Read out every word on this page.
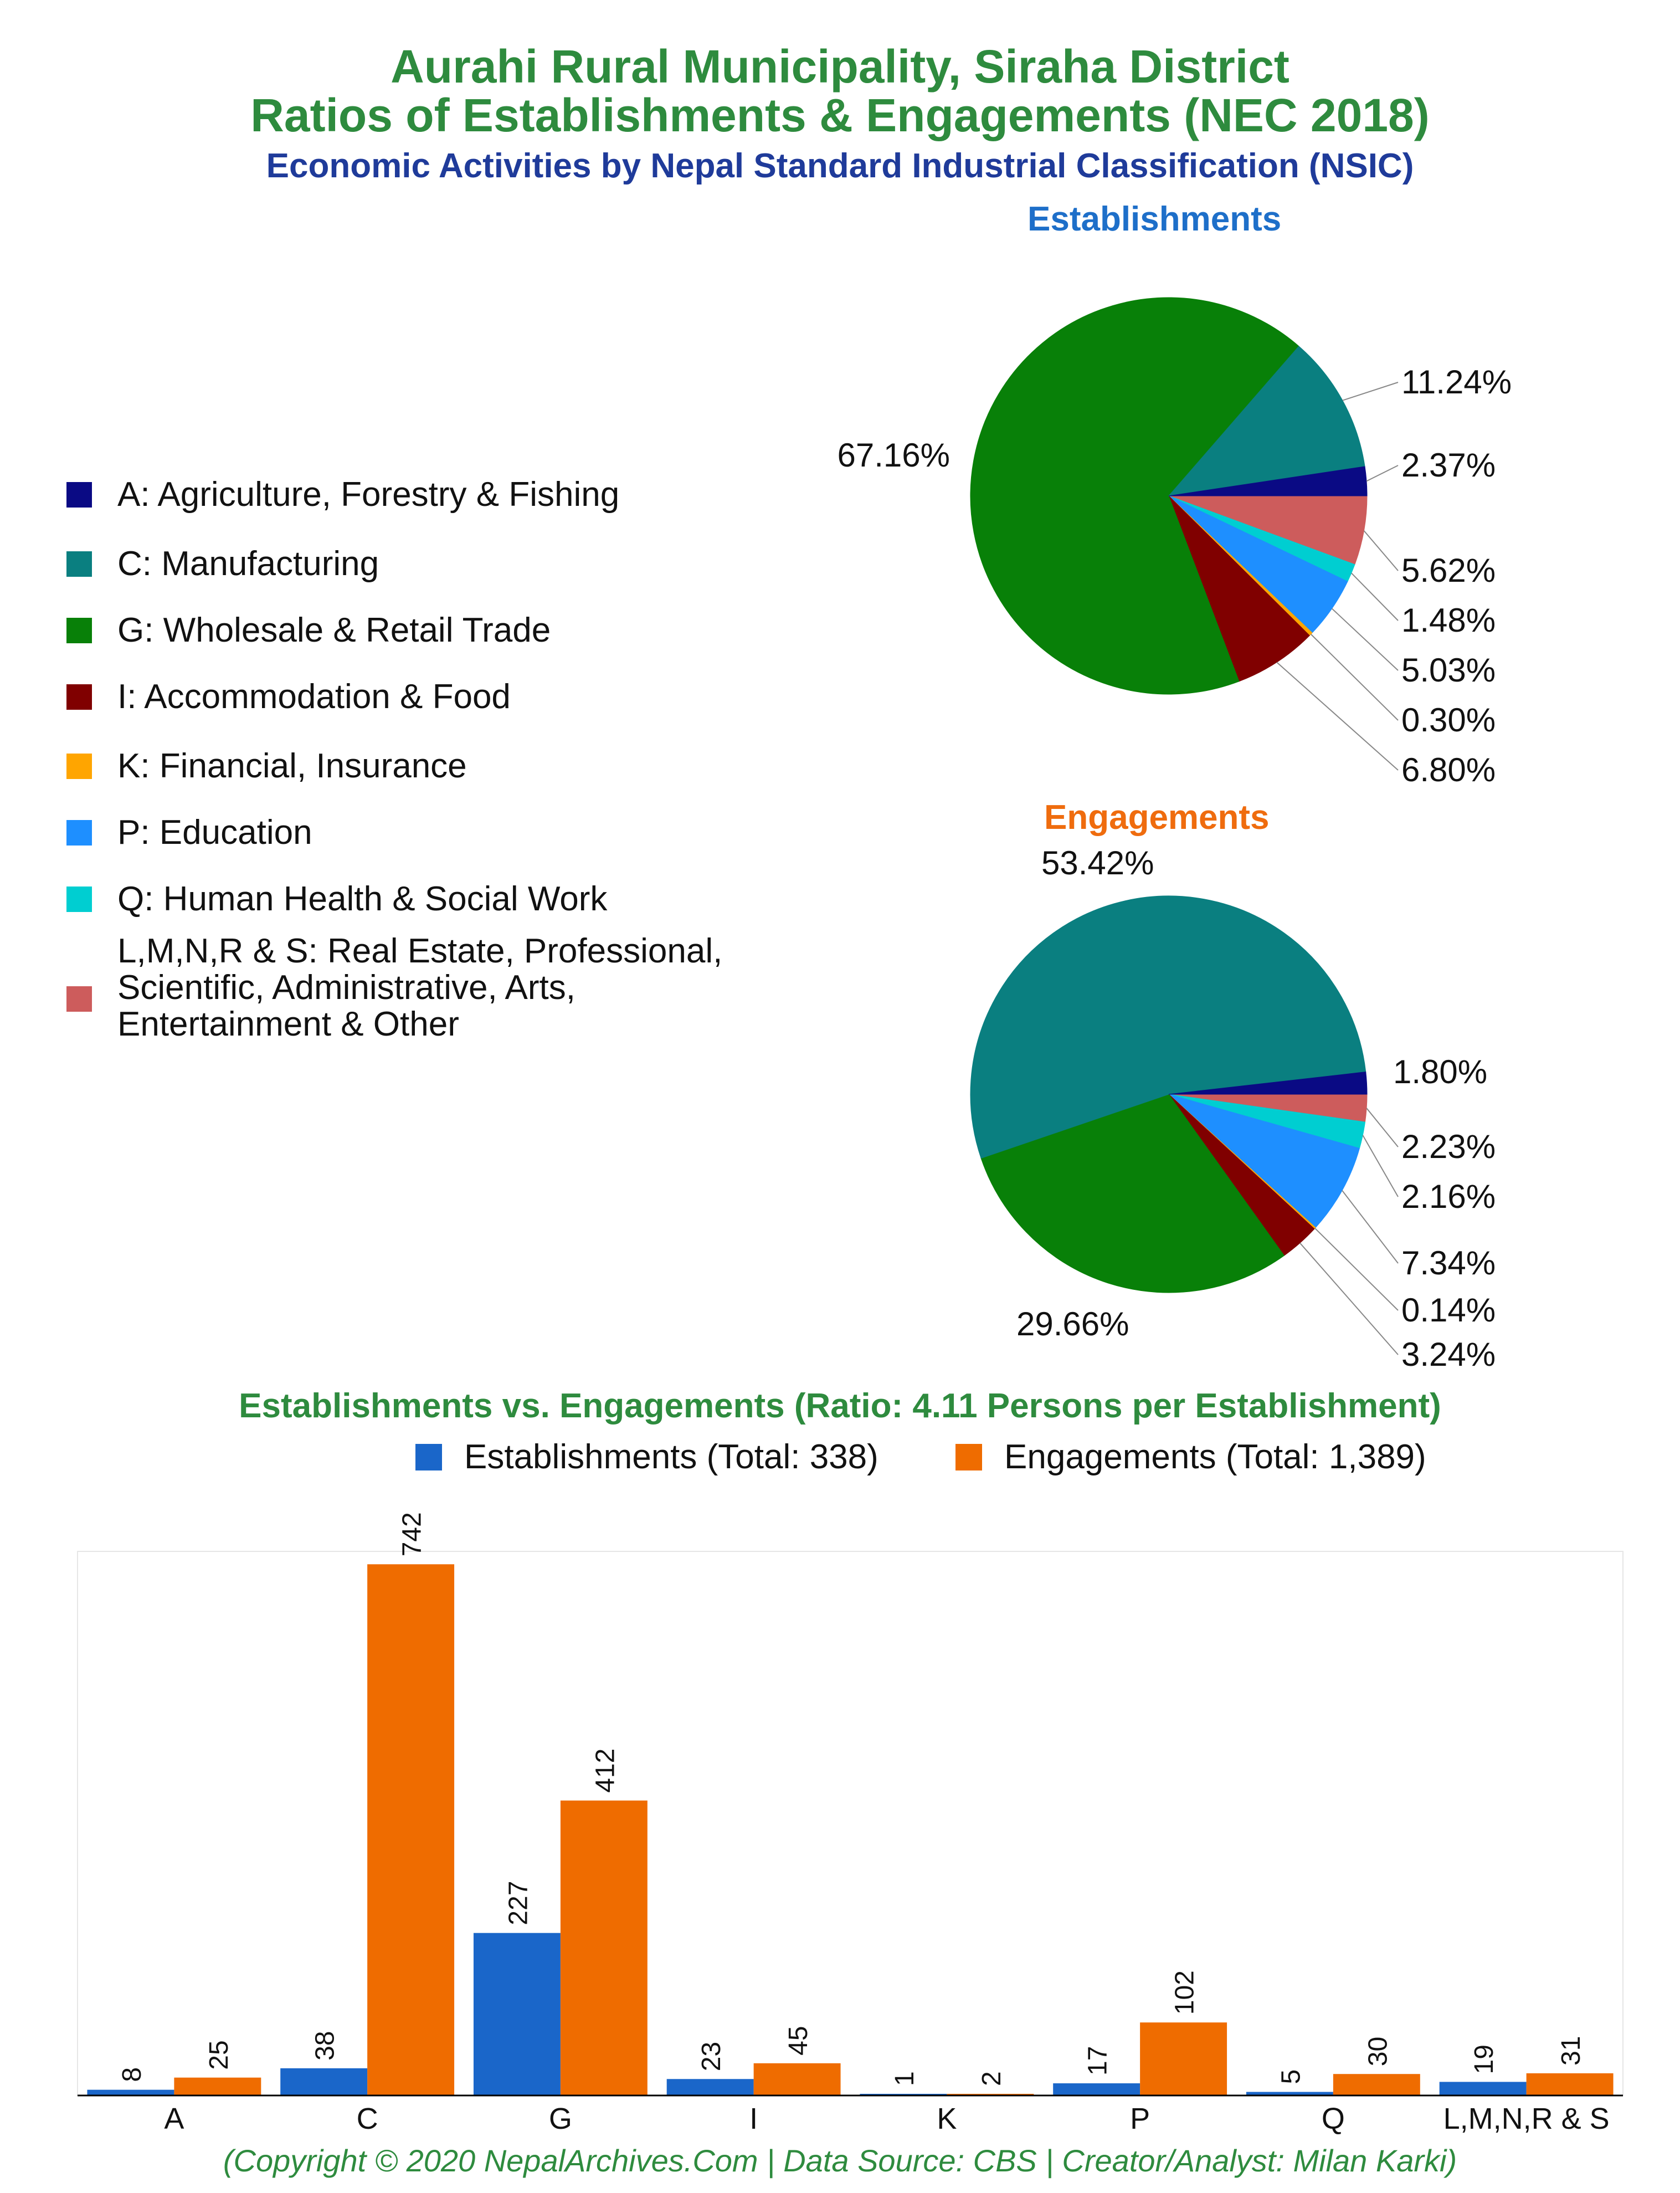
Aurahi Rural Municipality, Siraha District
Ratios of Establishments & Engagements (NEC 2018)
Economic Activities by Nepal Standard Industrial Classification (NSIC)
Establishments
Engagements
A: Agriculture, Forestry & Fishing
C: Manufacturing
G: Wholesale & Retail Trade
I: Accommodation & Food
K: Financial, Insurance
P: Education
Q: Human Health & Social Work
L,M,N,R & S: Real Estate, Professional,
Scientific, Administrative, Arts,
Entertainment & Other
2.37%
11.24%
67.16%
6.80%
0.30%
5.03%
1.48%
5.62%
1.80%
53.42%
29.66%
3.24%
0.14%
7.34%
2.16%
2.23%
Establishments vs. Engagements (Ratio: 4.11 Persons per Establishment)
Establishments (Total: 338)	Engagements (Total: 1,389)
8
25
A
38
742
C
227
412
G
23
45
I
1 2
K
17
102
P
5
30
Q
19 31
L,M,N,R & S
(Copyright © 2020 NepalArchives.Com | Data Source: CBS | Creator/Analyst: Milan Karki)
